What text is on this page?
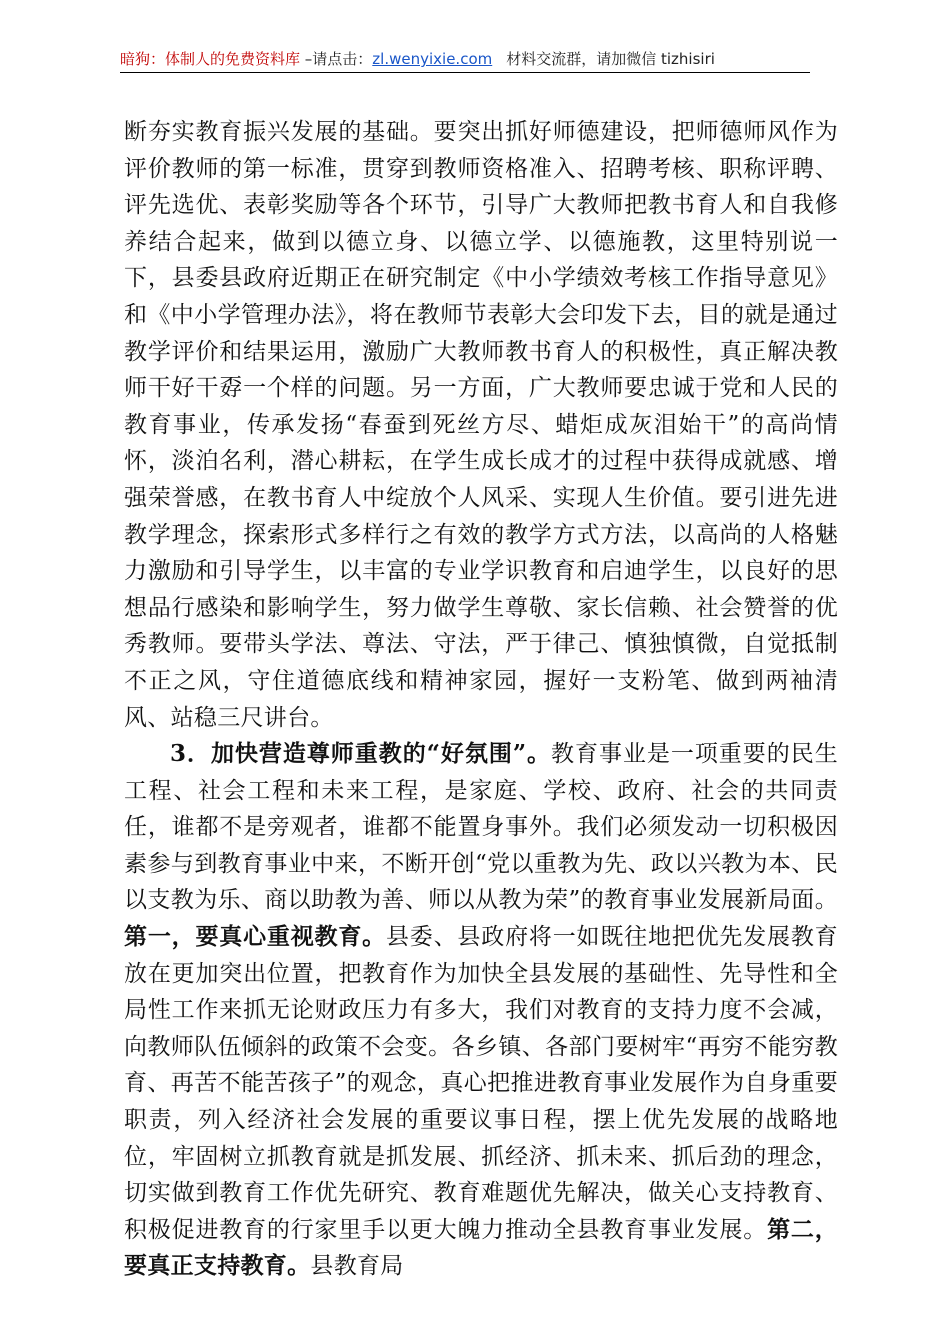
暗狗：体制人的免费资料库 –请点击：zl.wenyixie.com 材料交流群，请加微信 tizhisiri

断夯实教育振兴发展的基础。要突出抓好师德建设，把师德师风作为评价教师的第一标准，贯穿到教师资格准入、招聘考核、职称评聘、评先选优、表彰奖励等各个环节，引导广大教师把教书育人和自我修养结合起来，做到以德立身、以德立学、以德施教，这里特别说一下，县委县政府近期正在研究制定《中小学绩效考核工作指导意见》和《中小学管理办法》，将在教师节表彰大会印发下去，目的就是通过教学评价和结果运用，激励广大教师教书育人的积极性，真正解决教师干好干孬一个样的问题。另一方面，广大教师要忠诚于党和人民的教育事业，传承发扬“春蚕到死丝方尽、蜡炬成灰泪始干”的高尚情怀，淡泊名利，潜心耕耘，在学生成长成才的过程中获得成就感、增强荣誉感，在教书育人中绽放个人风采、实现人生价值。要引进先进教学理念，探索形式多样行之有效的教学方式方法，以高尚的人格魅力激励和引导学生，以丰富的专业学识教育和启迪学生，以良好的思想品行感染和影响学生，努力做学生尊敬、家长信赖、社会赞誉的优秀教师。要带头学法、尊法、守法，严于律己、慎独慎微，自觉抵制不正之风，守住道德底线和精神家园，握好一支粉笔、做到两袖清风、站稳三尺讲台。

3．加快营造尊师重教的“好氛围”。教育事业是一项重要的民生工程、社会工程和未来工程，是家庭、学校、政府、社会的共同责任，谁都不是旁观者，谁都不能置身事外。我们必须发动一切积极因素参与到教育事业中来，不断开创“党以重教为先、政以兴教为本、民以支教为乐、商以助教为善、师以从教为荣”的教育事业发展新局面。第一，要真心重视教育。县委、县政府将一如既往地把优先发展教育放在更加突出位置，把教育作为加快全县发展的基础性、先导性和全局性工作来抓无论财政压力有多大，我们对教育的支持力度不会减，向教师队伍倾斜的政策不会变。各乡镇、各部门要树牢“再穷不能穷教育、再苦不能苦孩子”的观念，真心把推进教育事业发展作为自身重要职责，列入经济社会发展的重要议事日程，摆上优先发展的战略地位，牢固树立抓教育就是抓发展、抓经济、抓未来、抓后劲的理念，切实做到教育工作优先研究、教育难题优先解决，做关心支持教育、积极促进教育的行家里手以更大魄力推动全县教育事业发展。第二，要真正支持教育。县教育局
